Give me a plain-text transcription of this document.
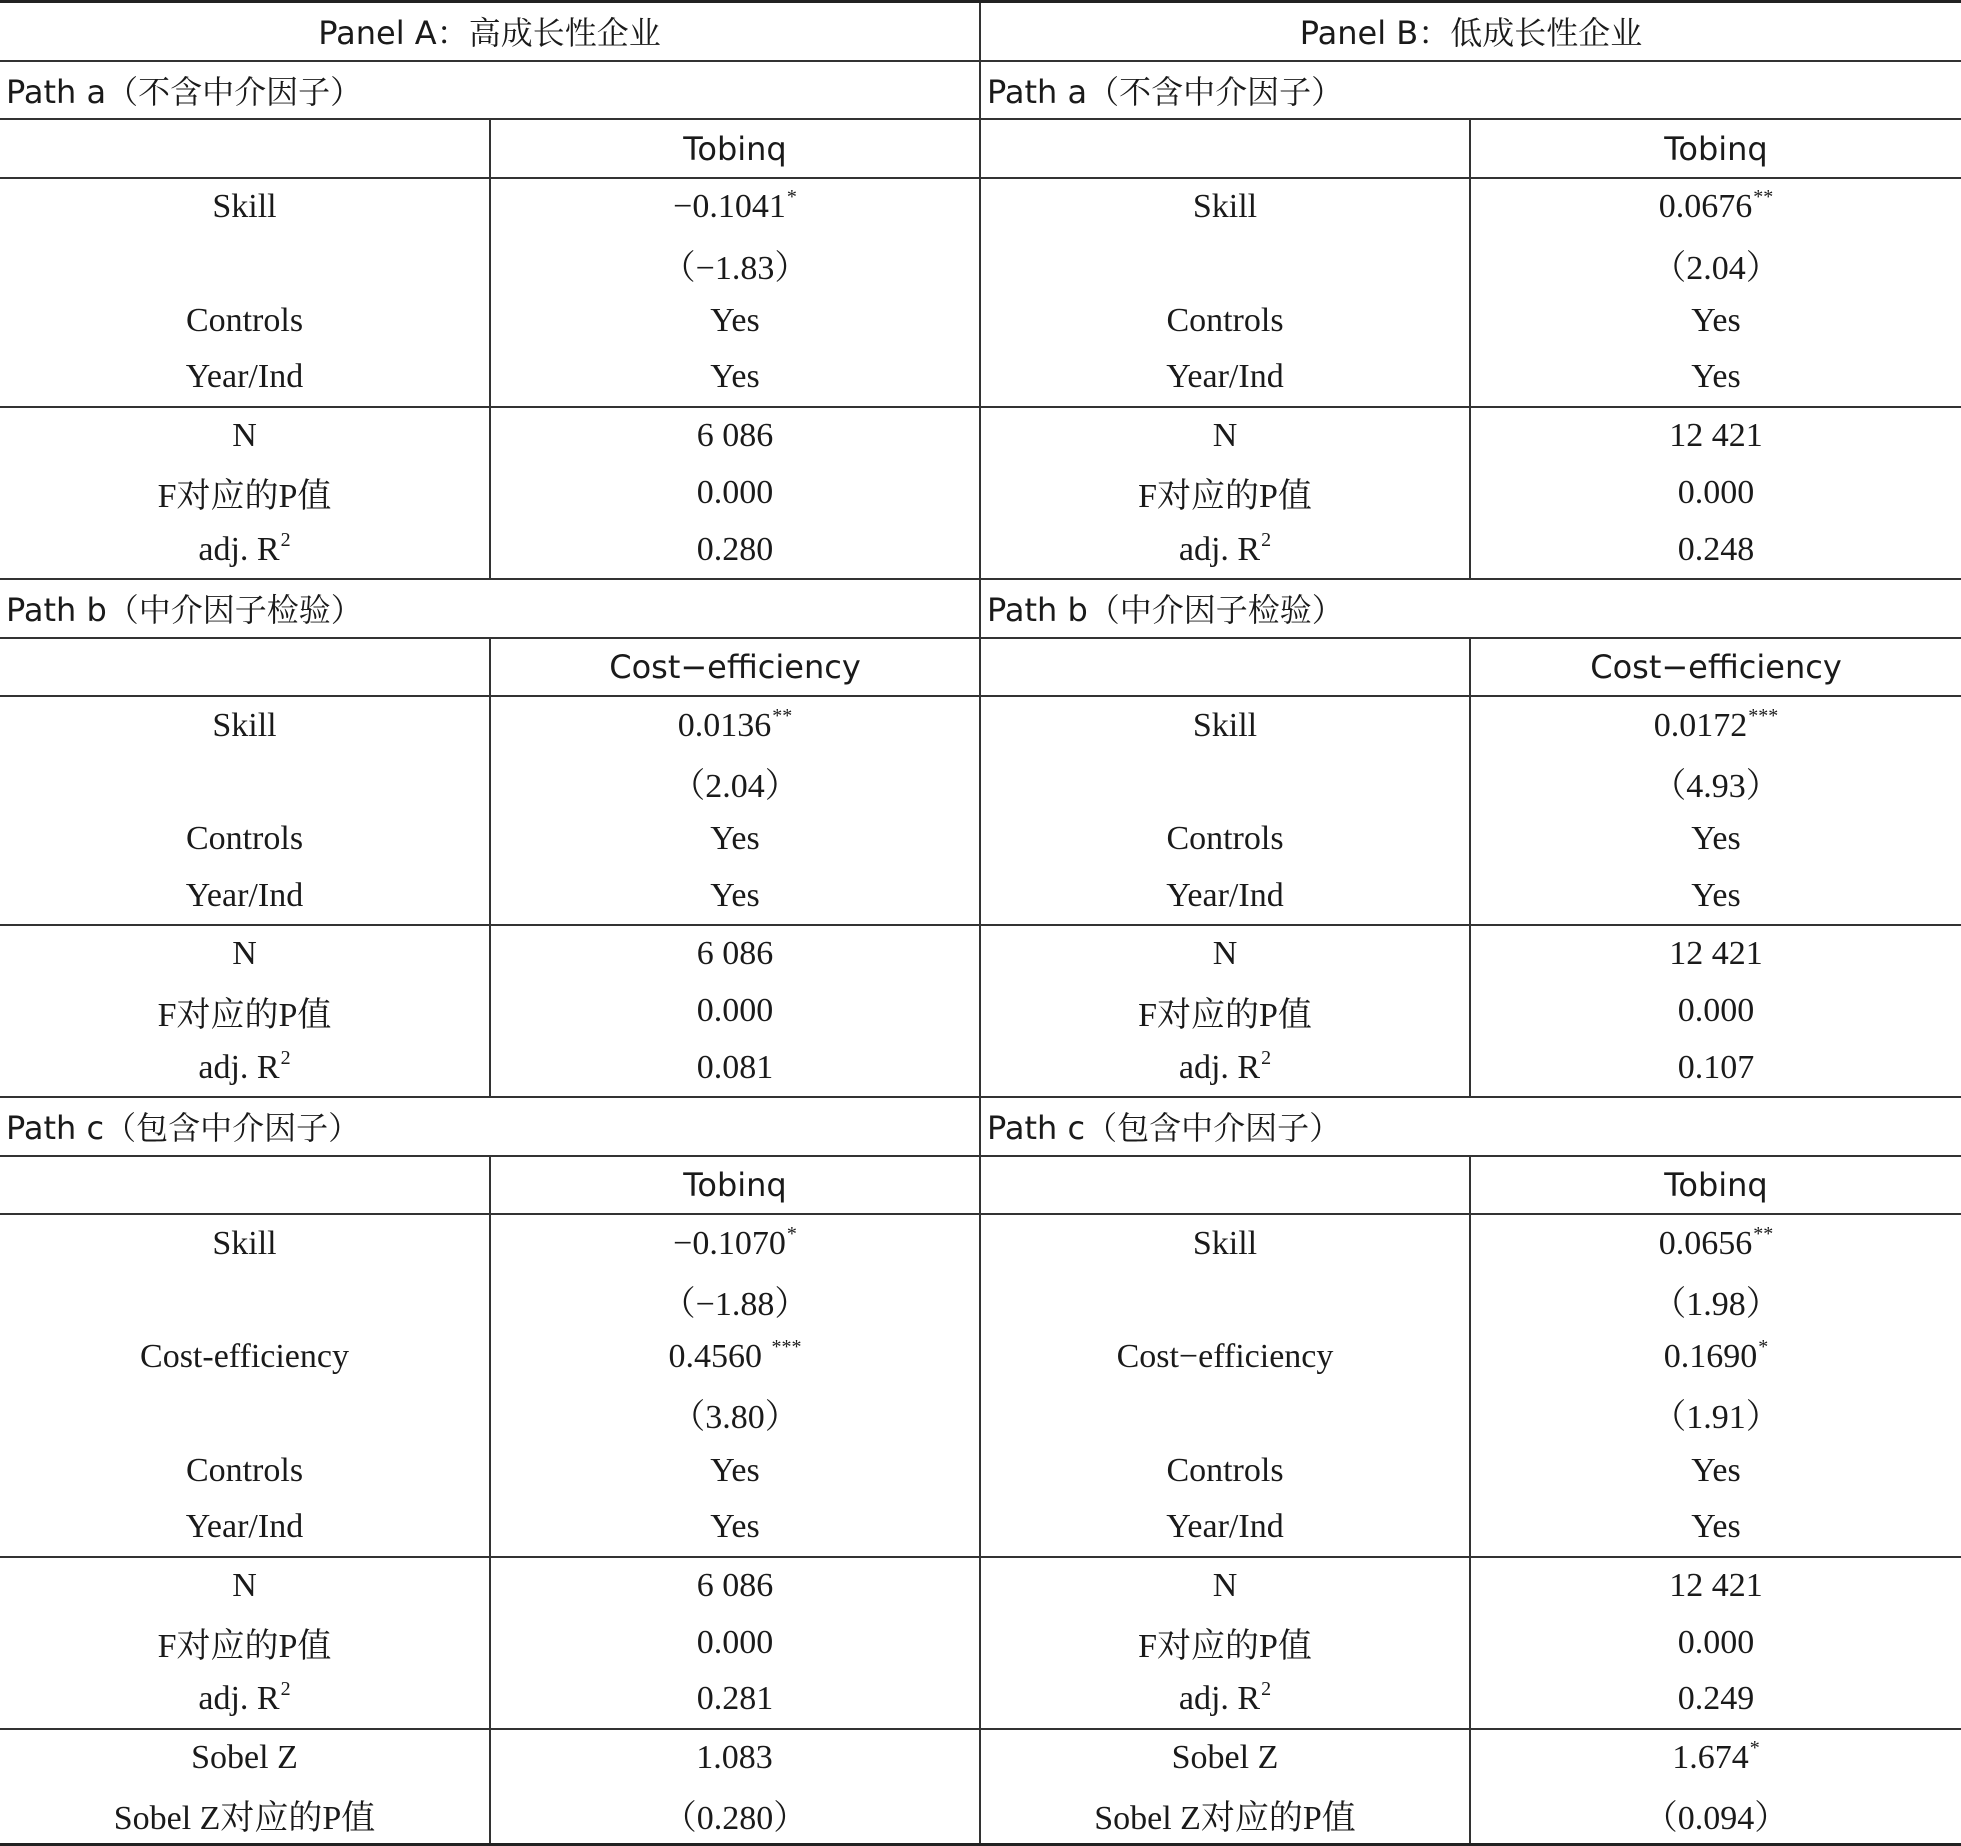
Panel A：高成长性企业		Panel B：低成长性企业	
Path a（不含中介因子）		Path a（不含中介因子）	
	Tobinq		Tobinq
Skill	−0.1041*	Skill	0.0676**
	（−1.83）		（2.04）
Controls	Yes	Controls	Yes
Year/Ind	Yes	Year/Ind	Yes
N	6 086	N	12 421
F对应的P值	0.000	F对应的P值	0.000
adj. $R^2$	0.280	adj. $R^2$	0.248
Path b（中介因子检验）		Path b（中介因子检验）	
	Cost−efficiency		Cost−efficiency
Skill	0.0136**	Skill	0.0172***
	（2.04）		（4.93）
Controls	Yes	Controls	Yes
Year/Ind	Yes	Year/Ind	Yes
N	6 086	N	12 421
F对应的P值	0.000	F对应的P值	0.000
adj. $R^2$	0.081	adj. $R^2$	0.107
Path c（包含中介因子）		Path c（包含中介因子）	
	Tobinq		Tobinq
Skill	−0.1070*	Skill	0.0656**
	（−1.88）		（1.98）
Cost-efficiency	0.4560 ***	Cost−efficiency	0.1690*
	（3.80）		（1.91）
Controls	Yes	Controls	Yes
Year/Ind	Yes	Year/Ind	Yes
N	6 086	N	12 421
F对应的P值	0.000	F对应的P值	0.000
adj. $R^2$	0.281	adj. $R^2$	0.249
Sobel Z	1.083	Sobel Z	1.674*
Sobel Z对应的P值	（0.280）	Sobel Z对应的P值	（0.094）
